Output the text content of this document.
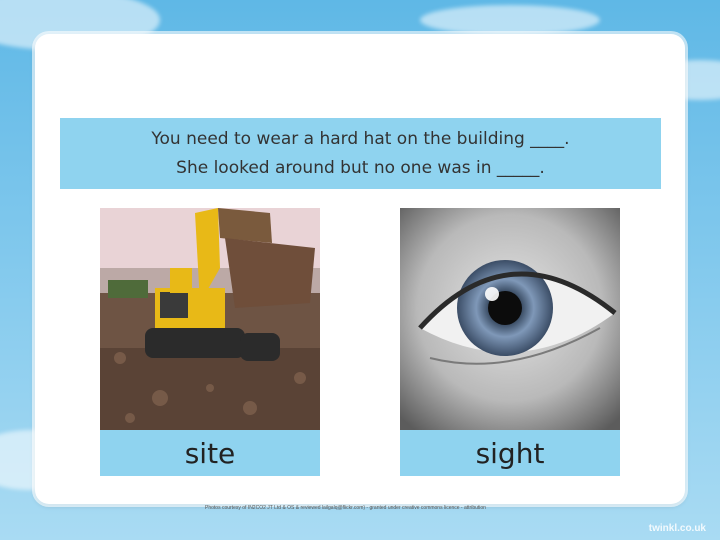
You need to wear a hard hat on the building ____.
She looked around but no one was in _____.
site	sight
Photos courtesy of IN2CO2 JT Ltd & OS & reviewed lailgalq@flickr.com) - granted under creative commons licence - attribution
twinkl.co.uk
